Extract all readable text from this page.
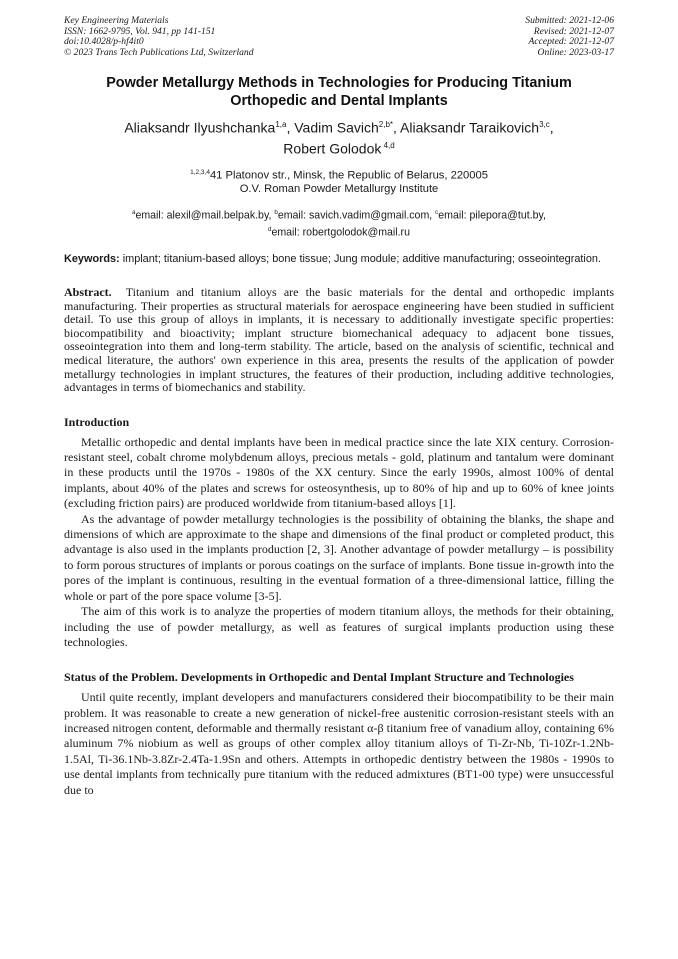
Key Engineering Materials
ISSN: 1662-9795, Vol. 941, pp 141-151
doi:10.4028/p-hf4it0
© 2023 Trans Tech Publications Ltd, Switzerland
Submitted: 2021-12-06
Revised: 2021-12-07
Accepted: 2021-12-07
Online: 2023-03-17
Powder Metallurgy Methods in Technologies for Producing Titanium
Orthopedic and Dental Implants
Aliaksandr Ilyushchanka$^{1,a}$, Vadim Savich$^{2,b*}$, Aliaksandr Taraikovich$^{3,c}$,
Robert Golodok $^{4,d}$
$^{1,2,3,4}$41 Platonov str., Minsk, the Republic of Belarus, 220005
O.V. Roman Powder Metallurgy Institute
$^a$email: alexil@mail.belpak.by, $^b$email: savich.vadim@gmail.com, $^c$email: pilepora@tut.by,
$^d$email: robertgolodok@mail.ru
Keywords: implant; titanium-based alloys; bone tissue; Jung module; additive manufacturing; osseointegration.
Abstract. Titanium and titanium alloys are the basic materials for the dental and orthopedic implants manufacturing. Their properties as structural materials for aerospace engineering have been studied in sufficient detail. To use this group of alloys in implants, it is necessary to additionally investigate specific properties: biocompatibility and bioactivity; implant structure biomechanical adequacy to adjacent bone tissues, osseointegration into them and long-term stability. The article, based on the analysis of scientific, technical and medical literature, the authors' own experience in this area, presents the results of the application of powder metallurgy technologies in implant structures, the features of their production, including additive technologies, advantages in terms of biomechanics and stability.
Introduction

Metallic orthopedic and dental implants have been in medical practice since the late XIX century. Corrosion-resistant steel, cobalt chrome molybdenum alloys, precious metals - gold, platinum and tantalum were dominant in these products until the 1970s - 1980s of the XX century. Since the early 1990s, almost 100% of dental implants, about 40% of the plates and screws for osteosynthesis, up to 80% of hip and up to 60% of knee joints (excluding friction pairs) are produced worldwide from titanium-based alloys [1].

As the advantage of powder metallurgy technologies is the possibility of obtaining the blanks, the shape and dimensions of which are approximate to the shape and dimensions of the final product or completed product, this advantage is also used in the implants production [2, 3]. Another advantage of powder metallurgy – is possibility to form porous structures of implants or porous coatings on the surface of implants. Bone tissue in-growth into the pores of the implant is continuous, resulting in the eventual formation of a three-dimensional lattice, filling the whole or part of the pore space volume [3-5].

The aim of this work is to analyze the properties of modern titanium alloys, the methods for their obtaining, including the use of powder metallurgy, as well as features of surgical implants production using these technologies.

Status of the Problem. Developments in Orthopedic and Dental Implant Structure and Technologies

Until quite recently, implant developers and manufacturers considered their biocompatibility to be their main problem. It was reasonable to create a new generation of nickel-free austenitic corrosion-resistant steels with an increased nitrogen content, deformable and thermally resistant α-β titanium free of vanadium alloy, containing 6% aluminum 7% niobium as well as groups of other complex alloy titanium alloys of Ti-Zr-Nb, Ti-10Zr-1.2Nb-1.5Al, Ti-36.1Nb-3.8Zr-2.4Ta-1.9Sn and others. Attempts in orthopedic dentistry between the 1980s - 1990s to use dental implants from technically pure titanium with the reduced admixtures (BT1-00 type) were unsuccessful due to
